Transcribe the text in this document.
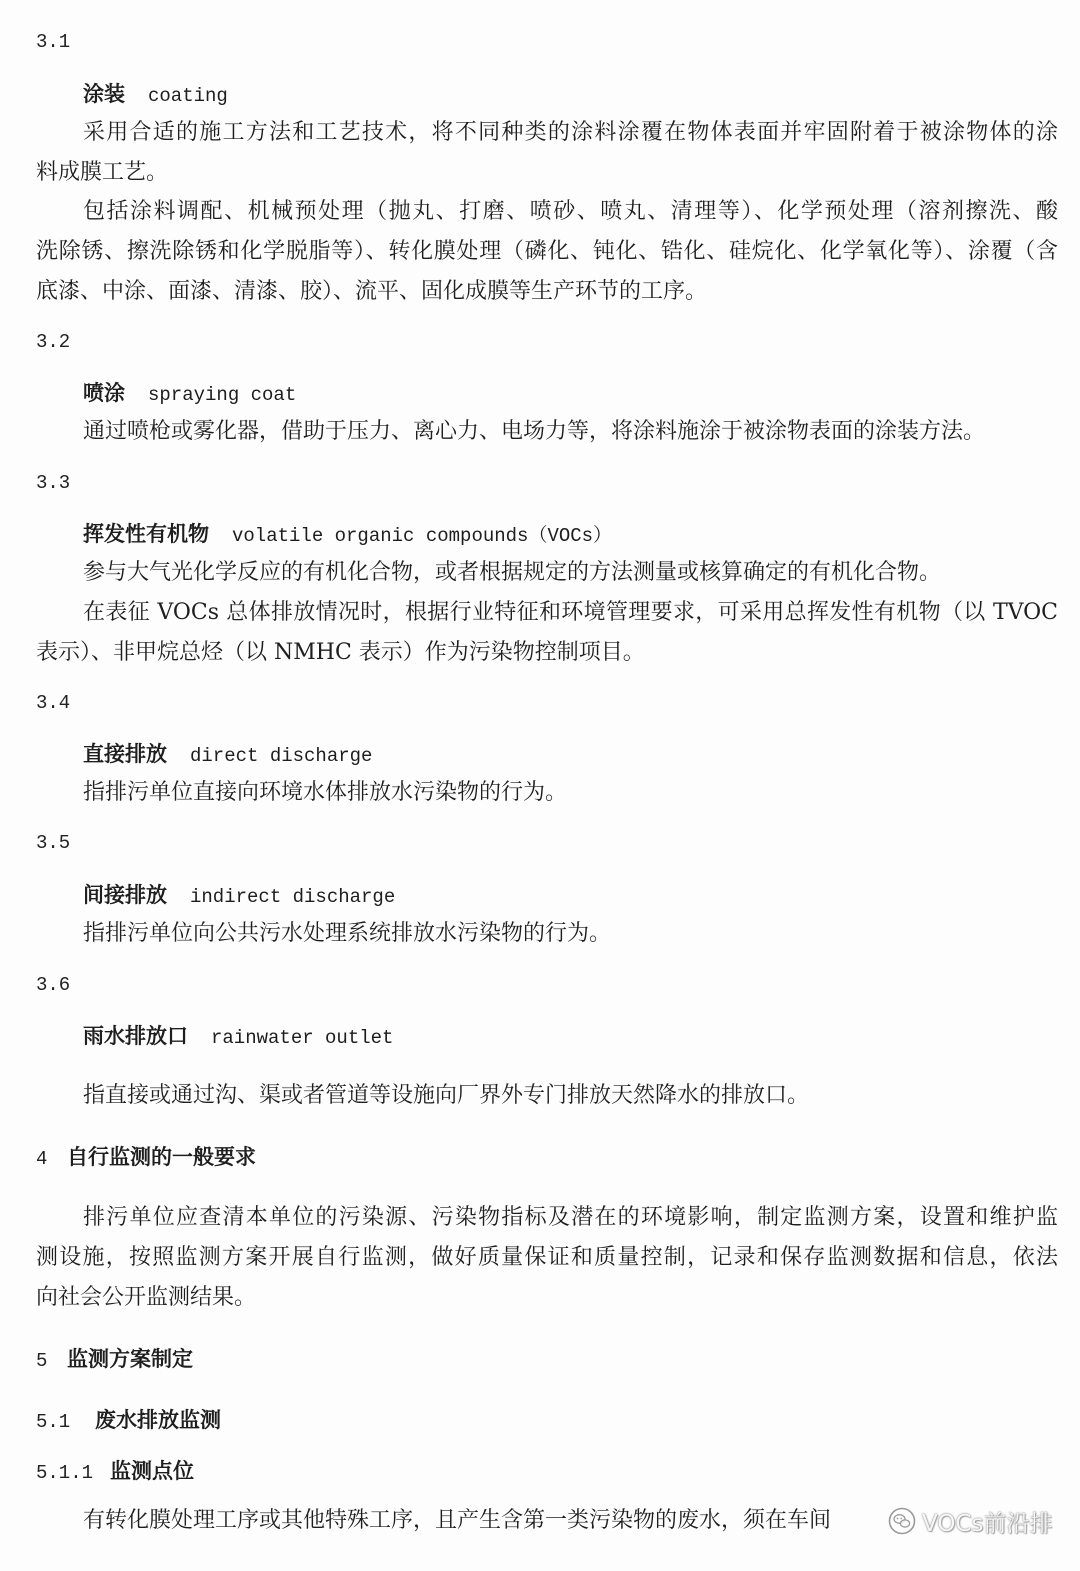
3.1
涂装 coating
采用合适的施工方法和工艺技术，将不同种类的涂料涂覆在物体表面并牢固附着于被涂物体的涂
料成膜工艺。
包括涂料调配、机械预处理（抛丸、打磨、喷砂、喷丸、清理等）、化学预处理（溶剂擦洗、酸
洗除锈、擦洗除锈和化学脱脂等）、转化膜处理（磷化、钝化、锆化、硅烷化、化学氧化等）、涂覆（含
底漆、中涂、面漆、清漆、胶）、流平、固化成膜等生产环节的工序。
3.2
喷涂 spraying coat
通过喷枪或雾化器，借助于压力、离心力、电场力等，将涂料施涂于被涂物表面的涂装方法。
3.3
挥发性有机物 volatile organic compounds（VOCs）
参与大气光化学反应的有机化合物，或者根据规定的方法测量或核算确定的有机化合物。
在表征 VOCs 总体排放情况时，根据行业特征和环境管理要求，可采用总挥发性有机物（以 TVOC
表示）、非甲烷总烃（以 NMHC 表示）作为污染物控制项目。
3.4
直接排放 direct discharge
指排污单位直接向环境水体排放水污染物的行为。
3.5
间接排放 indirect discharge
指排污单位向公共污水处理系统排放水污染物的行为。
3.6
雨水排放口 rainwater outlet
指直接或通过沟、渠或者管道等设施向厂界外专门排放天然降水的排放口。
4 自行监测的一般要求
排污单位应查清本单位的污染源、污染物指标及潜在的环境影响，制定监测方案，设置和维护监
测设施，按照监测方案开展自行监测，做好质量保证和质量控制，记录和保存监测数据和信息，依法
向社会公开监测结果。
5 监测方案制定
5.1 废水排放监测
5.1.1 监测点位
有转化膜处理工序或其他特殊工序，且产生含第一类污染物的废水，须在车间	VOCs前沿排
